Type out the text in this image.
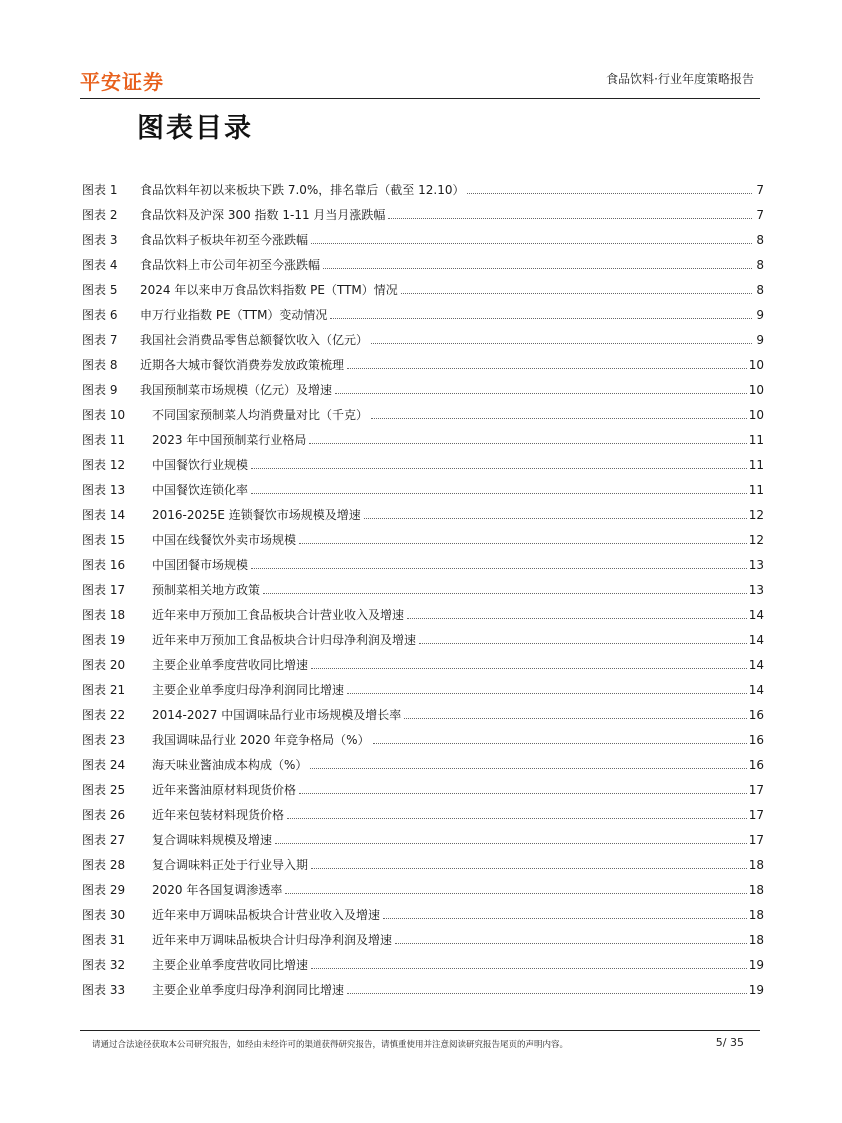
平安证券	食品饮料·行业年度策略报告
图表目录
图表 1	食品饮料年初以来板块下跌 7.0%，排名靠后（截至 12.10）	7
图表 2	食品饮料及沪深 300 指数 1-11 月当月涨跌幅	7
图表 3	食品饮料子板块年初至今涨跌幅	8
图表 4	食品饮料上市公司年初至今涨跌幅	8
图表 5	2024 年以来申万食品饮料指数 PE（TTM）情况	8
图表 6	申万行业指数 PE（TTM）变动情况	9
图表 7	我国社会消费品零售总额餐饮收入（亿元）	9
图表 8	近期各大城市餐饮消费券发放政策梳理	10
图表 9	我国预制菜市场规模（亿元）及增速	10
图表 10	不同国家预制菜人均消费量对比（千克）	10
图表 11	2023 年中国预制菜行业格局	11
图表 12	中国餐饮行业规模	11
图表 13	中国餐饮连锁化率	11
图表 14	2016-2025E 连锁餐饮市场规模及增速	12
图表 15	中国在线餐饮外卖市场规模	12
图表 16	中国团餐市场规模	13
图表 17	预制菜相关地方政策	13
图表 18	近年来申万预加工食品板块合计营业收入及增速	14
图表 19	近年来申万预加工食品板块合计归母净利润及增速	14
图表 20	主要企业单季度营收同比增速	14
图表 21	主要企业单季度归母净利润同比增速	14
图表 22	2014-2027 中国调味品行业市场规模及增长率	16
图表 23	我国调味品行业 2020 年竞争格局（%）	16
图表 24	海天味业酱油成本构成（%）	16
图表 25	近年来酱油原材料现货价格	17
图表 26	近年来包装材料现货价格	17
图表 27	复合调味料规模及增速	17
图表 28	复合调味料正处于行业导入期	18
图表 29	2020 年各国复调渗透率	18
图表 30	近年来申万调味品板块合计营业收入及增速	18
图表 31	近年来申万调味品板块合计归母净利润及增速	18
图表 32	主要企业单季度营收同比增速	19
图表 33	主要企业单季度归母净利润同比增速	19
请通过合法途径获取本公司研究报告，如经由未经许可的渠道获得研究报告，请慎重使用并注意阅读研究报告尾页的声明内容。	5/ 35
